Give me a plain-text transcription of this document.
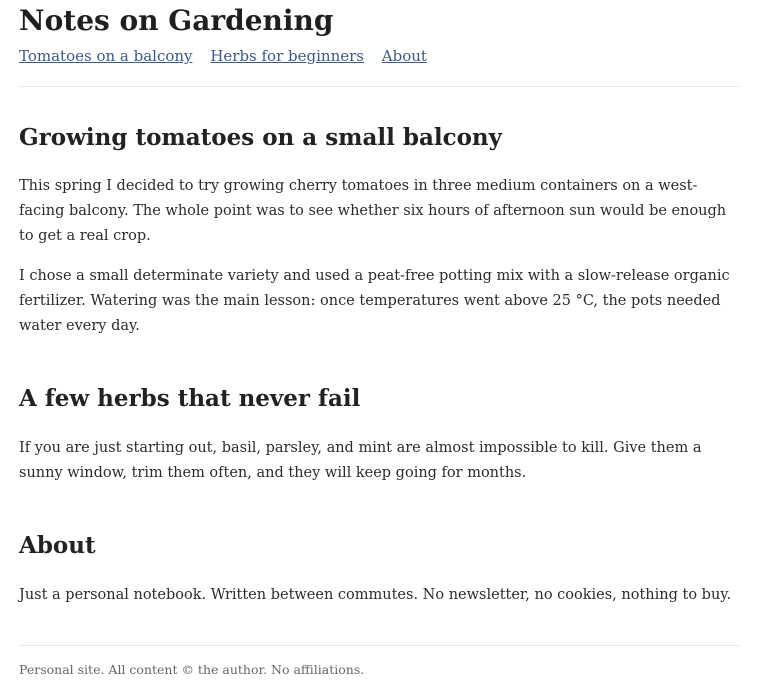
Notes on Gardening
Tomatoes on a balcony Herbs for beginners About
Growing tomatoes on a small balcony

This spring I decided to try growing cherry tomatoes in three medium containers on a west-facing balcony. The whole point was to see whether six hours of afternoon sun would be enough to get a real crop.

I chose a small determinate variety and used a peat-free potting mix with a slow-release organic fertilizer. Watering was the main lesson: once temperatures went above 25 °C, the pots needed water every day.

A few herbs that never fail

If you are just starting out, basil, parsley, and mint are almost impossible to kill. Give them a sunny window, trim them often, and they will keep going for months.

About

Just a personal notebook. Written between commutes. No newsletter, no cookies, nothing to buy.

Personal site. All content © the author. No affiliations.
